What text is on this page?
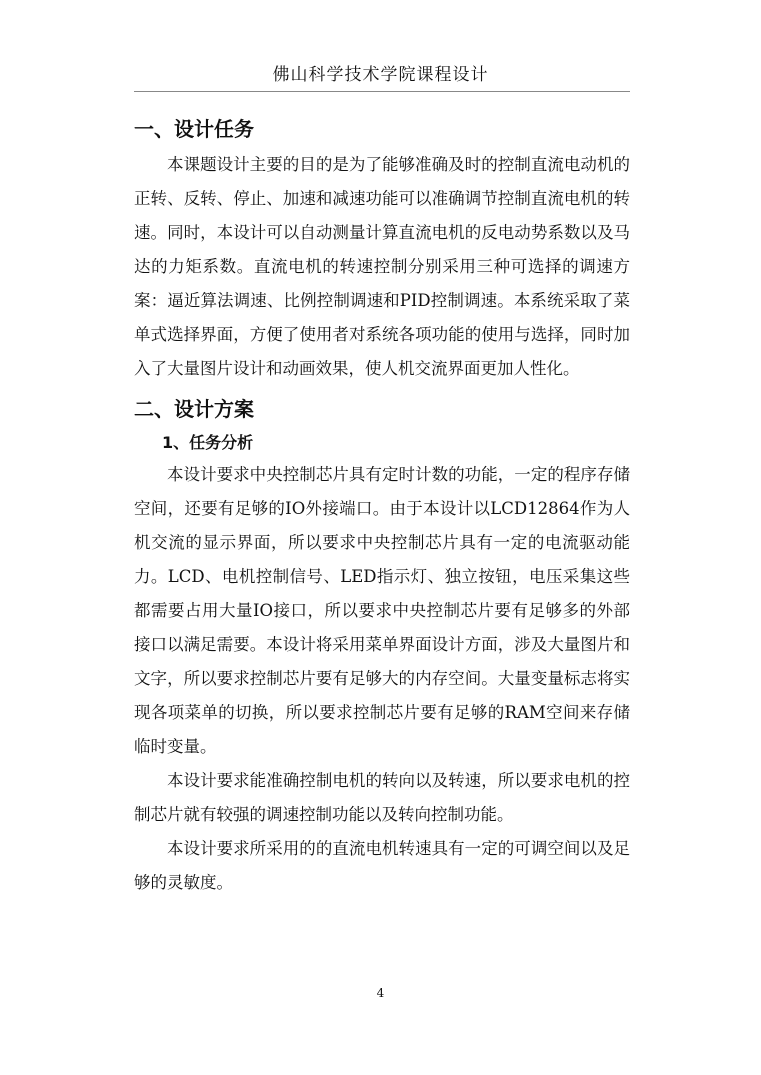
佛山科学技术学院课程设计
一、设计任务

本课题设计主要的目的是为了能够准确及时的控制直流电动机的正转、反转、停止、加速和减速功能可以准确调节控制直流电机的转速。同时，本设计可以自动测量计算直流电机的反电动势系数以及马达的力矩系数。直流电机的转速控制分别采用三种可选择的调速方案：逼近算法调速、比例控制调速和PID控制调速。本系统采取了菜单式选择界面，方便了使用者对系统各项功能的使用与选择，同时加入了大量图片设计和动画效果，使人机交流界面更加人性化。

二、设计方案
1、任务分析

本设计要求中央控制芯片具有定时计数的功能，一定的程序存储空间，还要有足够的IO外接端口。由于本设计以LCD12864作为人机交流的显示界面，所以要求中央控制芯片具有一定的电流驱动能力。LCD、电机控制信号、LED指示灯、独立按钮，电压采集这些都需要占用大量IO接口，所以要求中央控制芯片要有足够多的外部接口以满足需要。本设计将采用菜单界面设计方面，涉及大量图片和文字，所以要求控制芯片要有足够大的内存空间。大量变量标志将实现各项菜单的切换，所以要求控制芯片要有足够的RAM空间来存储临时变量。

本设计要求能准确控制电机的转向以及转速，所以要求电机的控制芯片就有较强的调速控制功能以及转向控制功能。

本设计要求所采用的的直流电机转速具有一定的可调空间以及足够的灵敏度。

4
